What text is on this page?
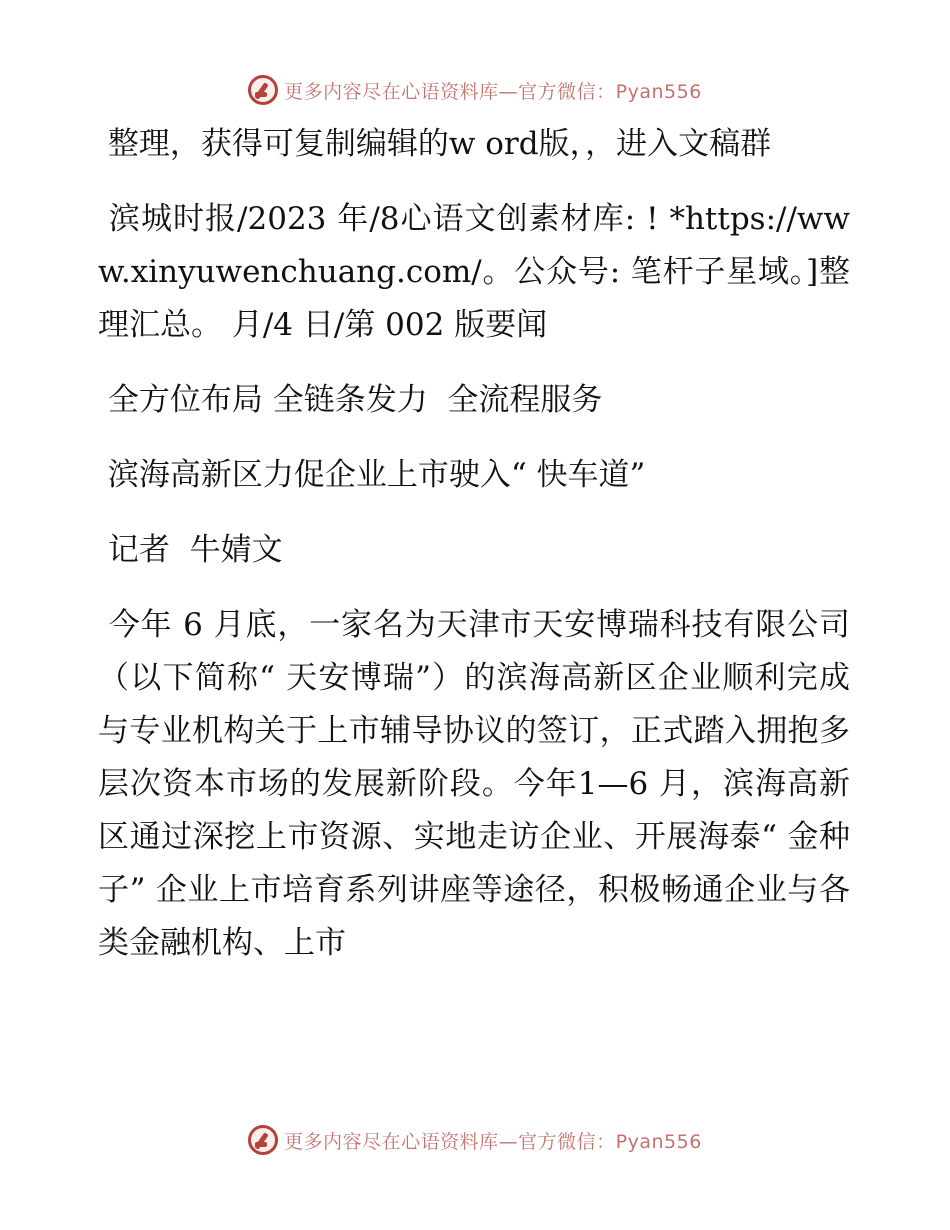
更多内容尽在心语资料库—官方微信：Pyan556

整理，获得可复制编辑的w ord版，，进入文稿群

滨城时报/2023 年/8心语文创素材库: ! *https://www.xinyuwenchuang.com/。公众号: 笔杆子星域。]整理汇总。 月/4 日/第 002 版要闻

全方位布局 全链条发力  全流程服务

滨海高新区力促企业上市驶入“ 快车道”

记者  牛婧文

今年 6 月底，一家名为天津市天安博瑞科技有限公司（以下简称“ 天安博瑞”）的滨海高新区企业顺利完成与专业机构关于上市辅导协议的签订，正式踏入拥抱多层次资本市场的发展新阶段。今年1—6 月，滨海高新区通过深挖上市资源、实地走访企业、开展海泰“ 金种子” 企业上市培育系列讲座等途径，积极畅通企业与各类金融机构、上市

更多内容尽在心语资料库—官方微信：Pyan556
